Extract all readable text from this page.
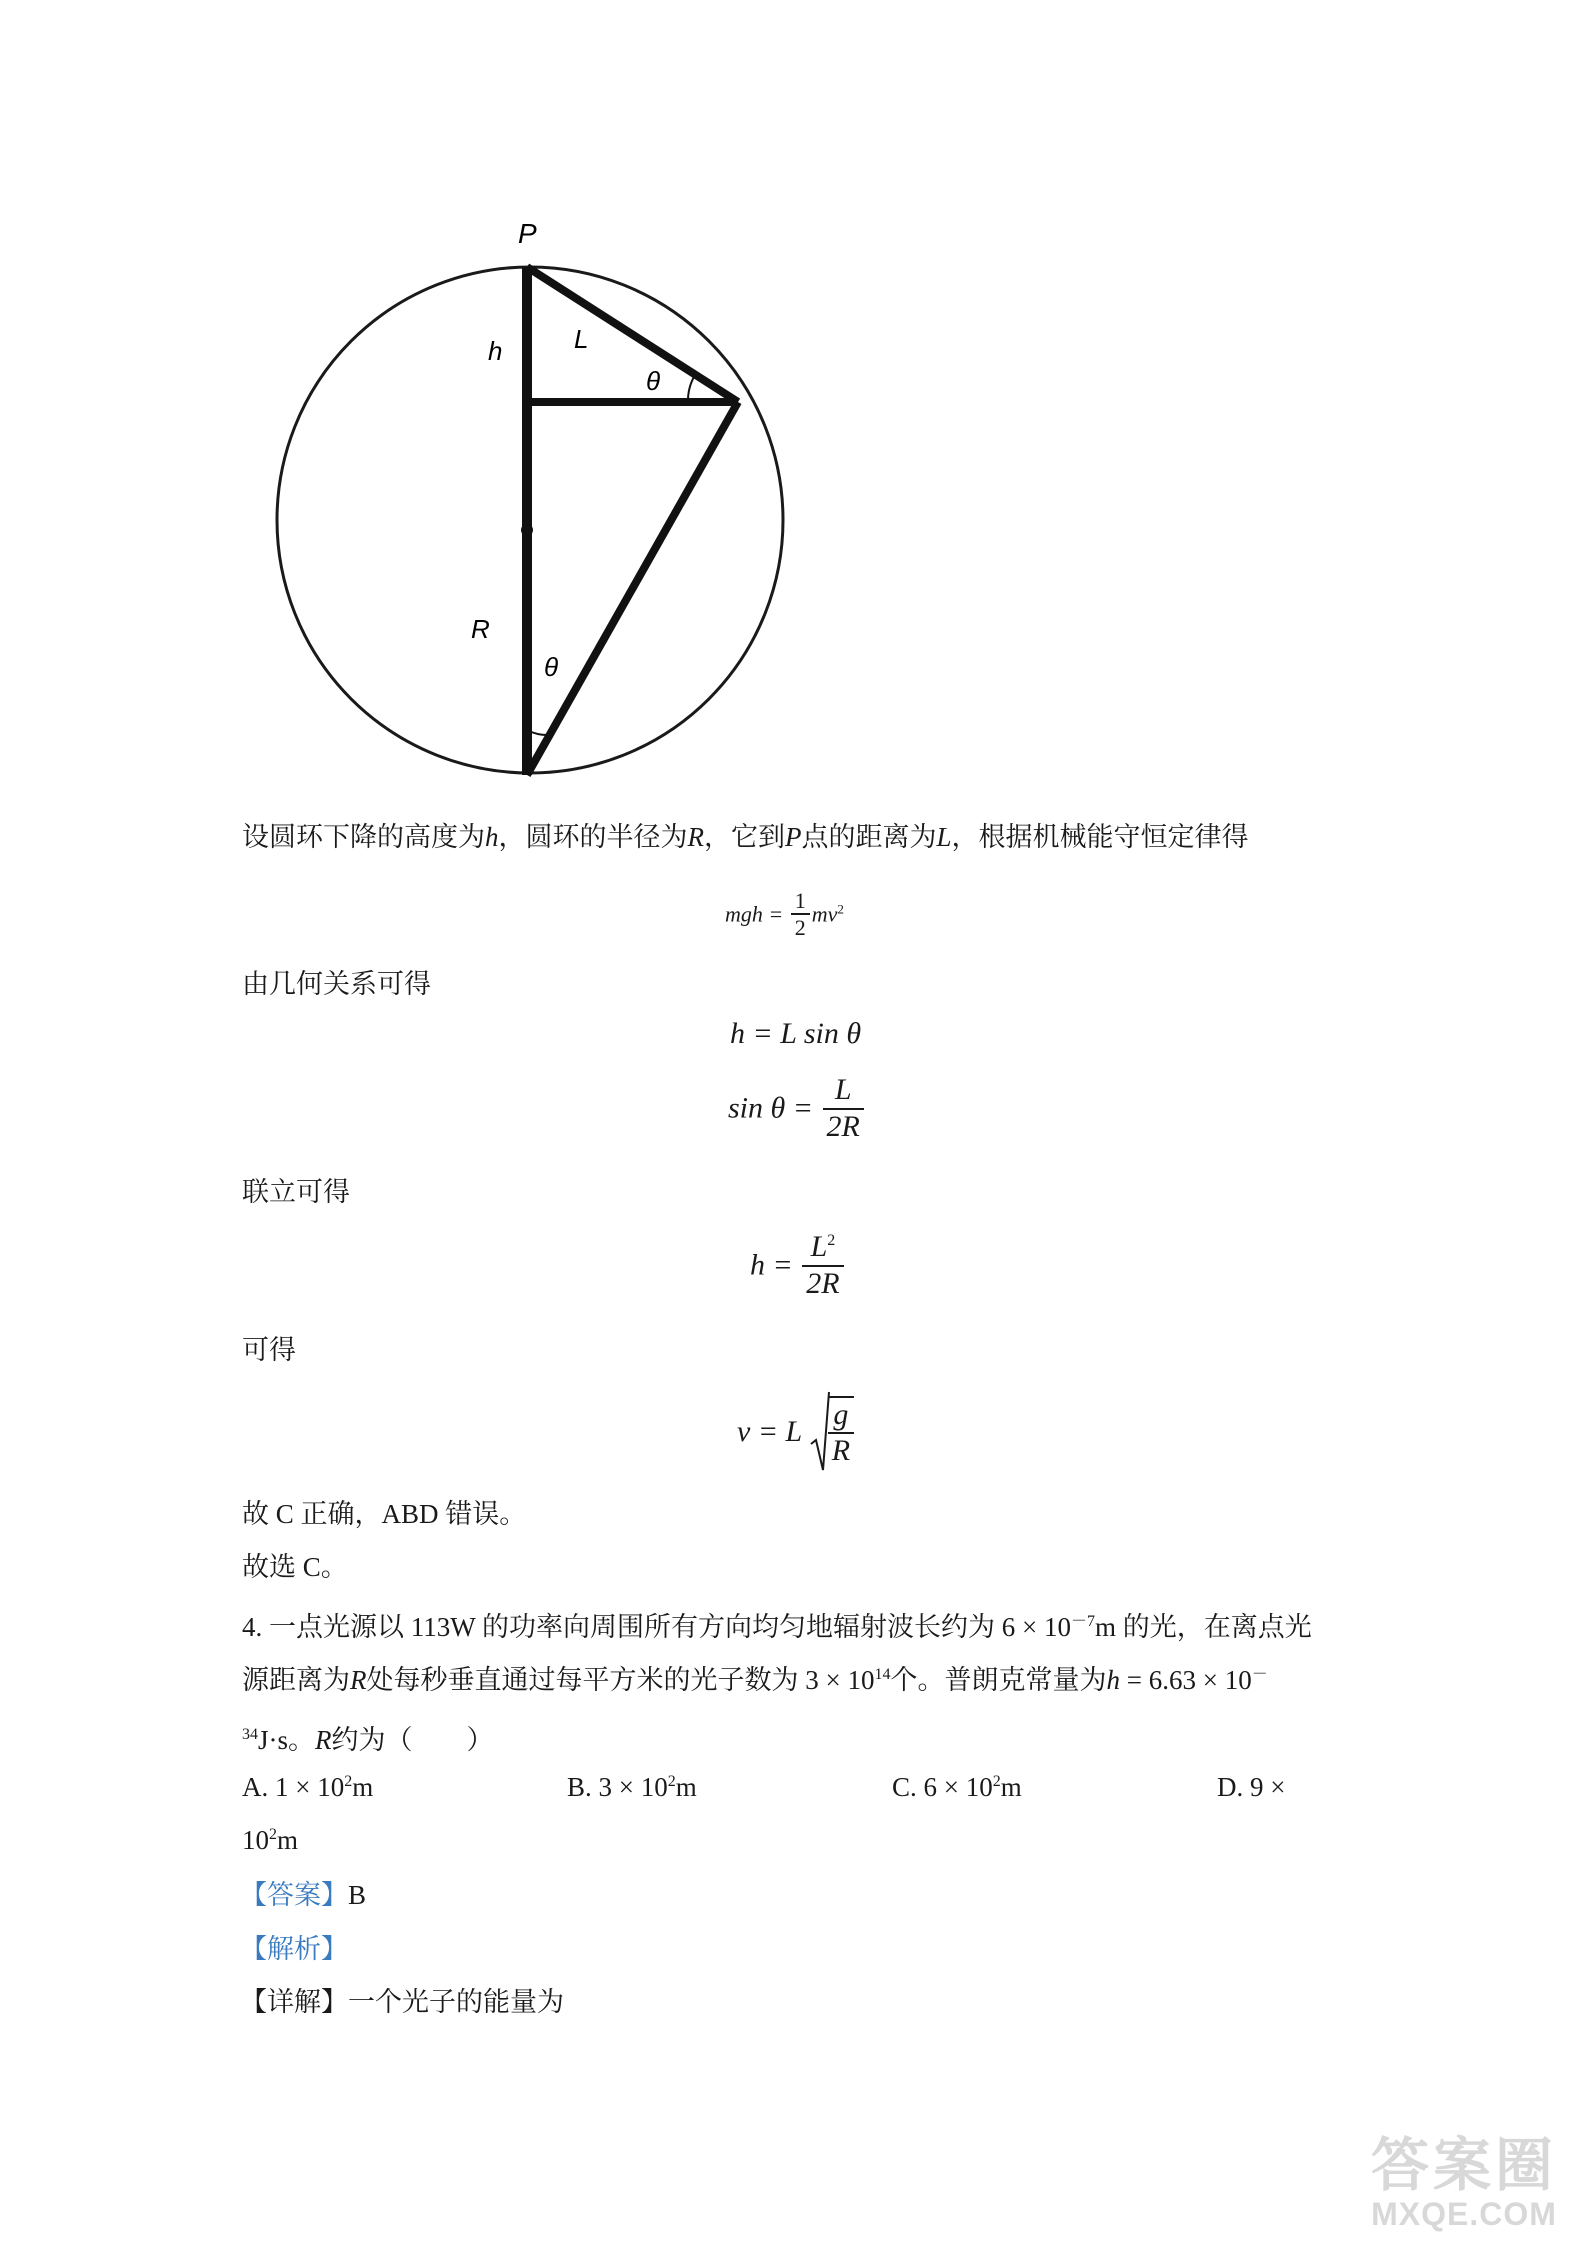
P
h	L
θ
R
θ
设圆环下降的高度为h，圆环的半径为R，它到P点的距离为L，根据机械能守恒定律得
mgh = $\frac{1}{2} mv^2$
由几何关系可得
h = L sin θ
$\sin \theta = \frac{L}{2R}$
联立可得
$h = \frac{L^2}{2R}$
可得
v = L $\frac{g}{R}$
故 C 正确，ABD 错误。
故选 C。
4. 一点光源以 113W 的功率向周围所有方向均匀地辐射波长约为 $6 \times 10^{-7}m$ 的光，在离点光
源距离为R处每秒垂直通过每平方米的光子数为 $3 \times 10^{14}$个。普朗克常量为h = 6.63 × 10－
$^{34}$J·s。R约为（　　）
A. $1 \times 10^2m$	B. $3 \times 10^2m$	C. $6 \times 10^2m$	D. 9 ×
$10^2m$
【答案】B
【解析】
【详解】一个光子的能量为
答案圈
MXQE.COM
